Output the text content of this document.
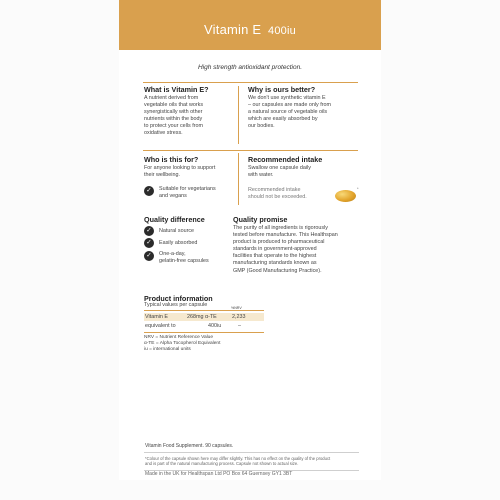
Vitamin E 400iu
High strength antioxidant protection.
What is Vitamin E?
A nutrient derived from
vegetable oils that works
synergistically with other
nutrients within the body
to protect your cells from
oxidative stress.
Why is ours better?
We don't use synthetic vitamin E
– our capsules are made only from
a natural source of vegetable oils
which are easily absorbed by
our bodies.
Who is this for?
For anyone looking to support
their wellbeing.
✓	Suitable for vegetarians
and vegans
Recommended intake
Swallow one capsule daily
with water.
Recommended intake
should not be exceeded.
*
Quality difference
✓	Natural source
✓	Easily absorbed
✓	One-a-day,
gelatin-free capsules
Quality promise
The purity of all ingredients is rigorously
tested before manufacture. This Healthspan
product is produced to pharmaceutical
standards in government-approved
facilities that operate to the highest
manufacturing standards known as
GMP (Good Manufacturing Practice).
Product information
Typical values per capsule	%NRV
Vitamin E	268mg α-TE	2,233
equivalent to	400iu	–
NRV = Nutrient Reference Value
α-TE = Alpha Tocopherol Equivalent
iu = international units
Vitamin Food Supplement. 90 capsules.
*Colour of the capsule shown here may differ slightly. This has no effect on the quality of the product
and is part of the natural manufacturing process. Capsule not shown to actual size.
Made in the UK for Healthspan Ltd PO Box 64 Guernsey GY1 3BT
